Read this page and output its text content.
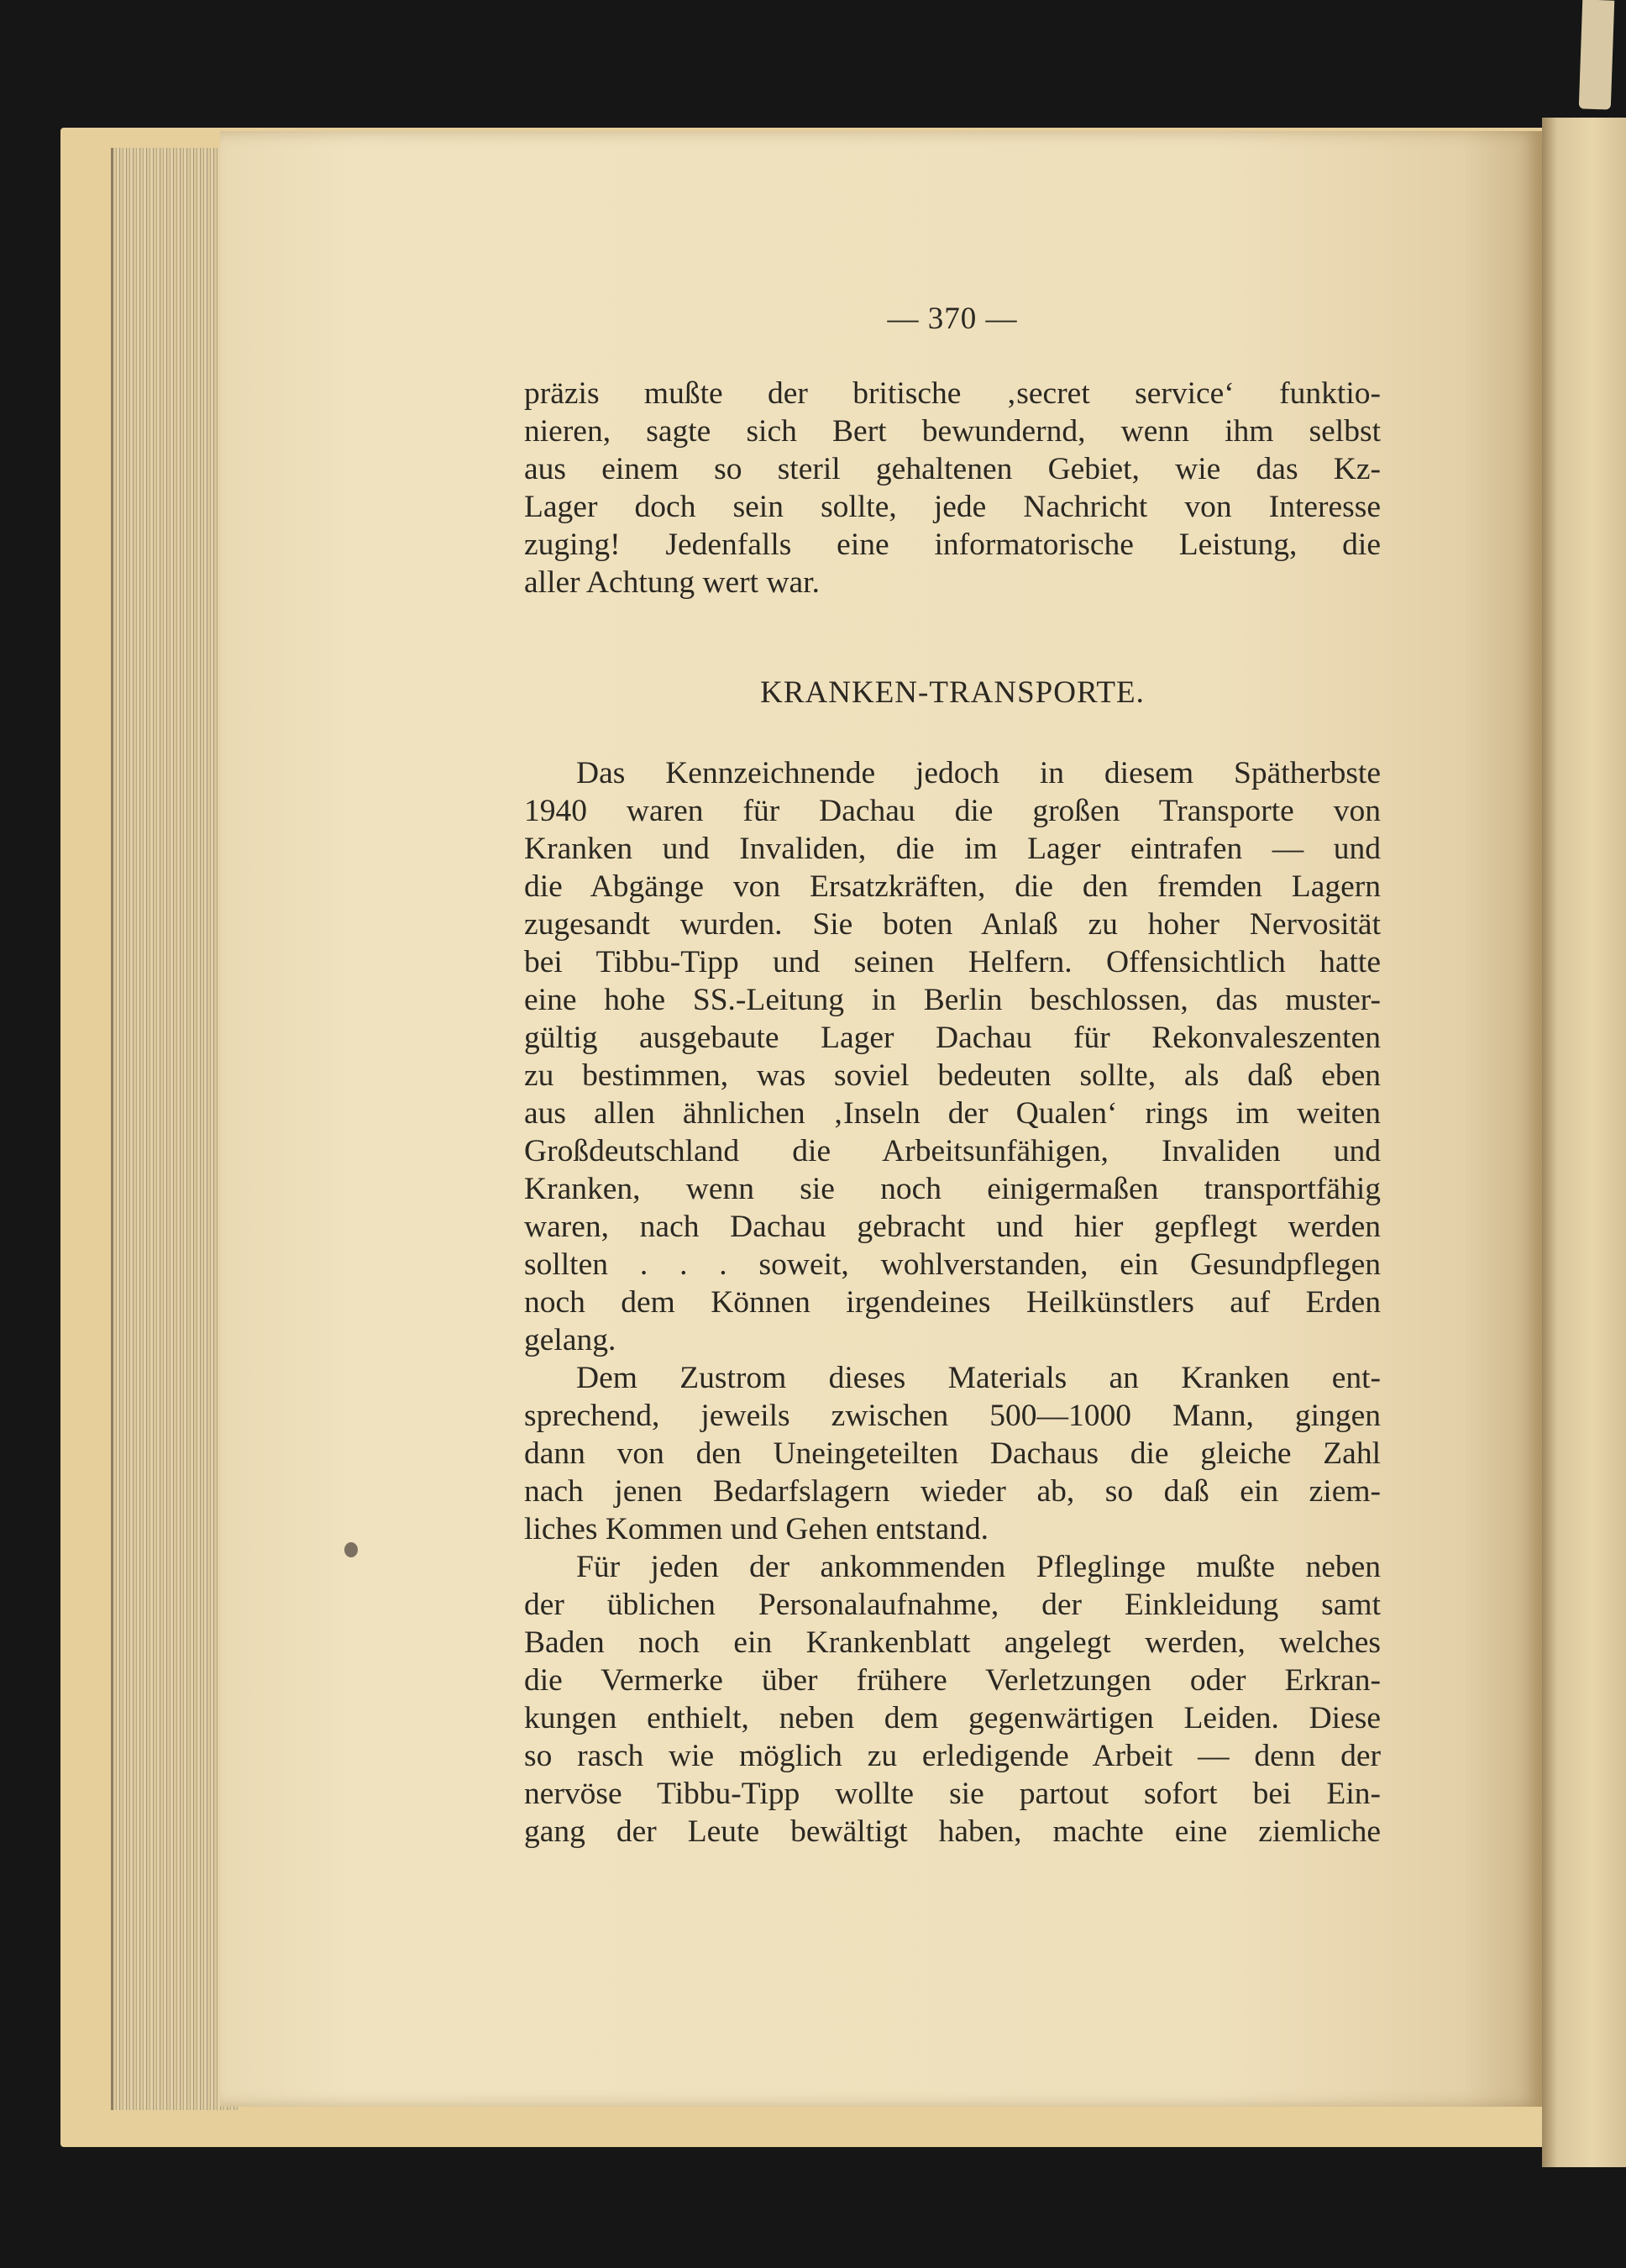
— 370 —
präzis mußte der britische ‚secret service‘ funktio-
nieren, sagte sich Bert bewundernd, wenn ihm selbst
aus einem so steril gehaltenen Gebiet, wie das Kz-
Lager doch sein sollte, jede Nachricht von Interesse
zuging! Jedenfalls eine informatorische Leistung, die
aller Achtung wert war.
KRANKEN-TRANSPORTE.
Das Kennzeichnende jedoch in diesem Spätherbste
1940 waren für Dachau die großen Transporte von
Kranken und Invaliden, die im Lager eintrafen — und
die Abgänge von Ersatzkräften, die den fremden Lagern
zugesandt wurden. Sie boten Anlaß zu hoher Nervosität
bei Tibbu-Tipp und seinen Helfern. Offensichtlich hatte
eine hohe SS.-Leitung in Berlin beschlossen, das muster-
gültig ausgebaute Lager Dachau für Rekonvaleszenten
zu bestimmen, was soviel bedeuten sollte, als daß eben
aus allen ähnlichen ‚Inseln der Qualen‘ rings im weiten
Großdeutschland die Arbeitsunfähigen, Invaliden und
Kranken, wenn sie noch einigermaßen transportfähig
waren, nach Dachau gebracht und hier gepflegt werden
sollten . . . soweit, wohlverstanden, ein Gesundpflegen
noch dem Können irgendeines Heilkünstlers auf Erden
gelang.
Dem Zustrom dieses Materials an Kranken ent-
sprechend, jeweils zwischen 500—1000 Mann, gingen
dann von den Uneingeteilten Dachaus die gleiche Zahl
nach jenen Bedarfslagern wieder ab, so daß ein ziem-
liches Kommen und Gehen entstand.
Für jeden der ankommenden Pfleglinge mußte neben
der üblichen Personalaufnahme, der Einkleidung samt
Baden noch ein Krankenblatt angelegt werden, welches
die Vermerke über frühere Verletzungen oder Erkran-
kungen enthielt, neben dem gegenwärtigen Leiden. Diese
so rasch wie möglich zu erledigende Arbeit — denn der
nervöse Tibbu-Tipp wollte sie partout sofort bei Ein-
gang der Leute bewältigt haben, machte eine ziemliche
